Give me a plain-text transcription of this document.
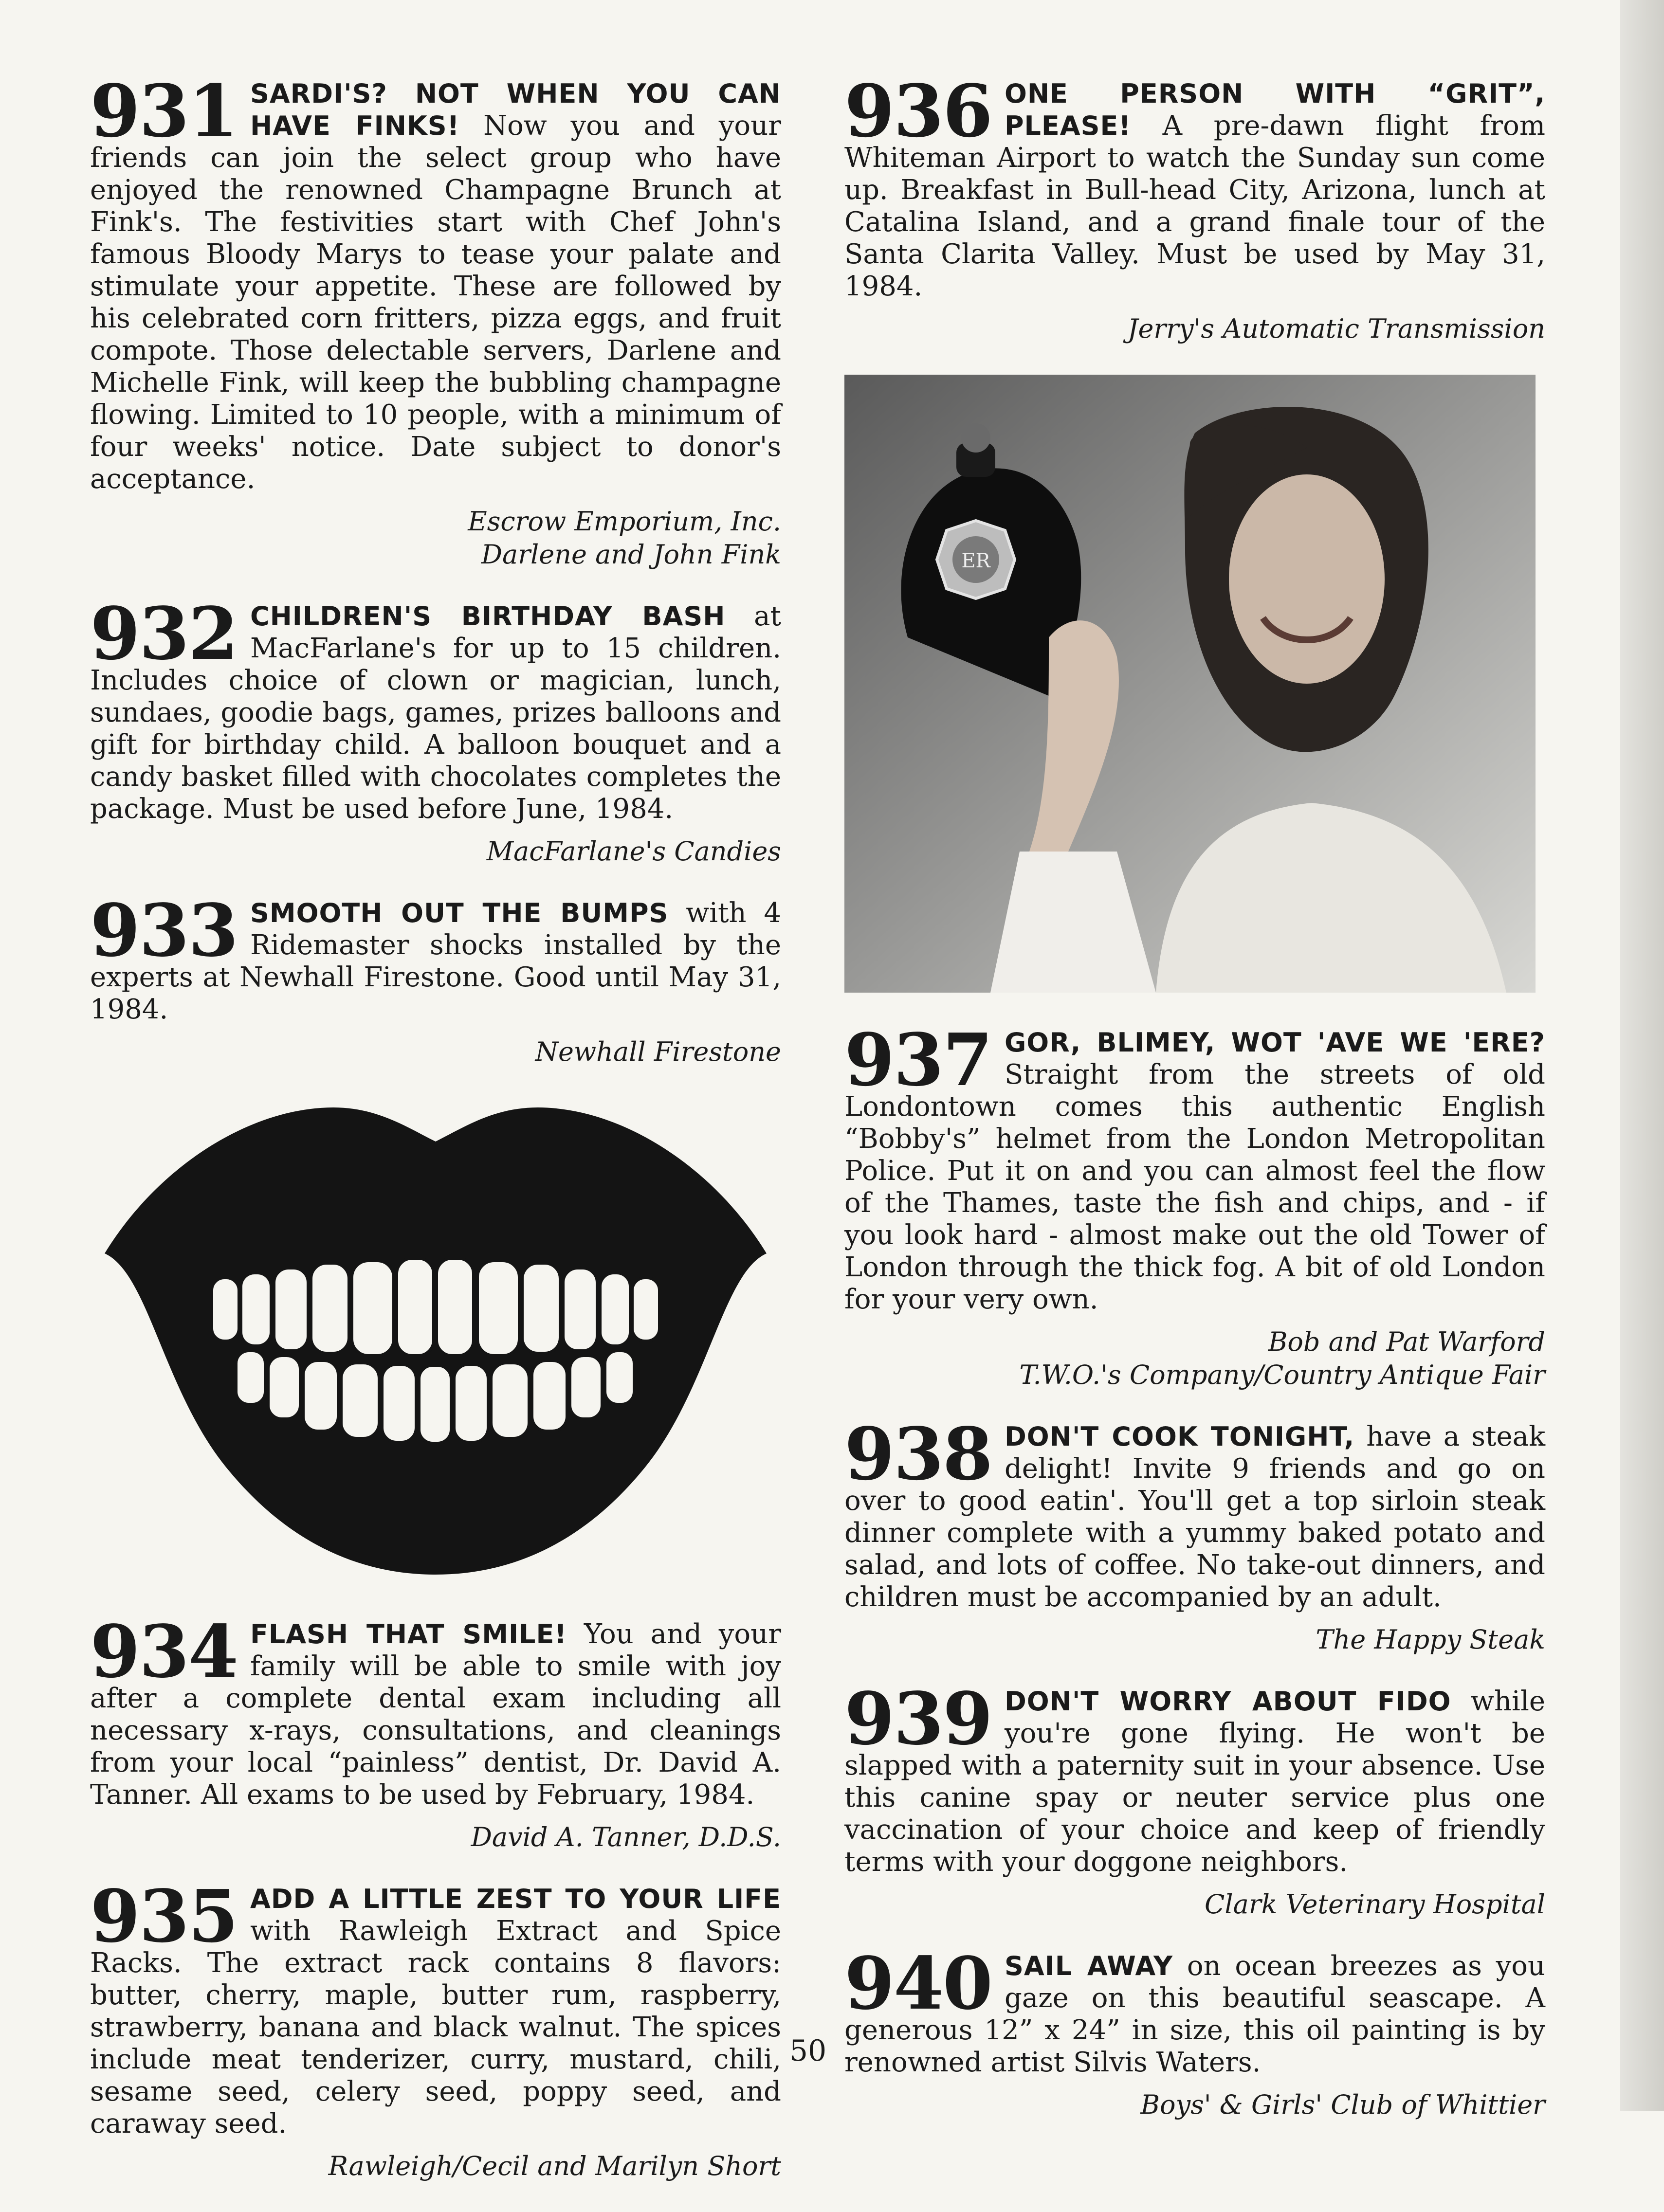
931 SARDI'S? NOT WHEN YOU CAN HAVE FINKS! Now you and your friends can join the select group who have enjoyed the renowned Champagne Brunch at Fink's. The festivities start with Chef John's famous Bloody Marys to tease your palate and stimulate your appetite. These are followed by his celebrated corn fritters, pizza eggs, and fruit compote. Those delectable servers, Darlene and Michelle Fink, will keep the bubbling champagne flowing. Limited to 10 people, with a minimum of four weeks' notice. Date subject to donor's acceptance.

Escrow Emporium, Inc.
Darlene and John Fink

932 CHILDREN'S BIRTHDAY BASH at MacFarlane's for up to 15 children. Includes choice of clown or magician, lunch, sundaes, goodie bags, games, prizes balloons and gift for birthday child. A balloon bouquet and a candy basket filled with chocolates completes the package. Must be used before June, 1984.

MacFarlane's Candies

933 SMOOTH OUT THE BUMPS with 4 Ridemaster shocks installed by the experts at Newhall Firestone. Good until May 31, 1984.

Newhall Firestone

934 FLASH THAT SMILE! You and your family will be able to smile with joy after a complete dental exam including all necessary x-rays, consultations, and cleanings from your local “painless” dentist, Dr. David A. Tanner. All exams to be used by February, 1984.

David A. Tanner, D.D.S.

935 ADD A LITTLE ZEST TO YOUR LIFE with Rawleigh Extract and Spice Racks. The extract rack contains 8 flavors: butter, cherry, maple, butter rum, raspberry, strawberry, banana and black walnut. The spices include meat tenderizer, curry, mustard, chili, sesame seed, celery seed, poppy seed, and caraway seed.

Rawleigh/Cecil and Marilyn Short

936 ONE PERSON WITH “GRIT”, PLEASE! A pre-dawn flight from Whiteman Airport to watch the Sunday sun come up. Breakfast in Bull-head City, Arizona, lunch at Catalina Island, and a grand finale tour of the Santa Clarita Valley. Must be used by May 31, 1984.

Jerry's Automatic Transmission

ER

937 GOR, BLIMEY, WOT 'AVE WE 'ERE? Straight from the streets of old Londontown comes this authentic English “Bobby's” helmet from the London Metropolitan Police. Put it on and you can almost feel the flow of the Thames, taste the fish and chips, and - if you look hard - almost make out the old Tower of London through the thick fog. A bit of old London for your very own.

Bob and Pat Warford
T.W.O.'s Company/Country Antique Fair

938 DON'T COOK TONIGHT, have a steak delight! Invite 9 friends and go on over to good eatin'. You'll get a top sirloin steak dinner complete with a yummy baked potato and salad, and lots of coffee. No take-out dinners, and children must be accompanied by an adult.

The Happy Steak

939 DON'T WORRY ABOUT FIDO while you're gone flying. He won't be slapped with a paternity suit in your absence. Use this canine spay or neuter service plus one vaccination of your choice and keep of friendly terms with your doggone neighbors.

Clark Veterinary Hospital

940 SAIL AWAY on ocean breezes as you gaze on this beautiful seascape. A generous 12” x 24” in size, this oil painting is by renowned artist Silvis Waters.

Boys' & Girls' Club of Whittier

50
